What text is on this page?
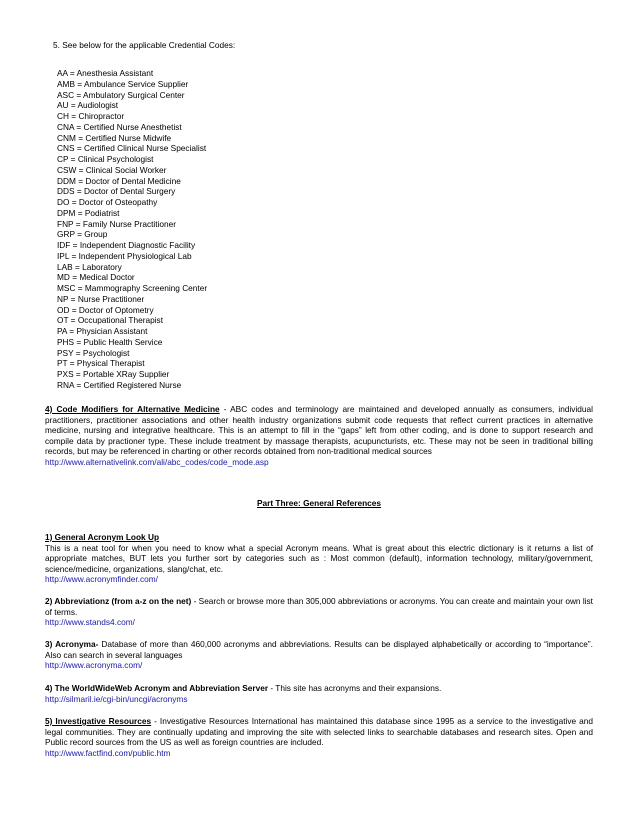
5. See below for the applicable Credential Codes:
AA = Anesthesia Assistant
AMB = Ambulance Service Supplier
ASC = Ambulatory Surgical Center
AU = Audiologist
CH = Chiropractor
CNA = Certified Nurse Anesthetist
CNM = Certified Nurse Midwife
CNS = Certified Clinical Nurse Specialist
CP = Clinical Psychologist
CSW = Clinical Social Worker
DDM = Doctor of Dental Medicine
DDS = Doctor of Dental Surgery
DO = Doctor of Osteopathy
DPM = Podiatrist
FNP = Family Nurse Practitioner
GRP = Group
IDF = Independent Diagnostic Facility
IPL = Independent Physiological Lab
LAB = Laboratory
MD = Medical Doctor
MSC = Mammography Screening Center
NP = Nurse Practitioner
OD = Doctor of Optometry
OT = Occupational Therapist
PA = Physician Assistant
PHS = Public Health Service
PSY = Psychologist
PT = Physical Therapist
PXS = Portable XRay Supplier
RNA = Certified Registered Nurse

4) Code Modifiers for Alternative Medicine - ABC codes and terminology are maintained and developed annually as consumers, individual practitioners, practitioner associations and other health industry organizations submit code requests that reflect current practices in alternative medicine, nursing and integrative healthcare. This is an attempt to fill in the “gaps” left from other coding, and is done to support research and compile data by practioner type. These include treatment by massage therapists, acupuncturists, etc. These may not be seen in traditional billing records, but may be referenced in charting or other records obtained from non-traditional medical sources

http://www.alternativelink.com/ali/abc_codes/code_mode.asp
Part Three: General References

1) General Acronym Look Up
This is a neat tool for when you need to know what a special Acronym means. What is great about this electric dictionary is it returns a list of appropriate matches, BUT lets you further sort by categories such as : Most common (default), information technology, military/government, science/medicine, organizations, slang/chat, etc.

http://www.acronymfinder.com/

2) Abbreviationz (from a-z on the net) - Search or browse more than 305,000 abbreviations or acronyms. You can create and maintain your own list of terms.

http://www.stands4.com/

3) Acronyma- Database of more than 460,000 acronyms and abbreviations. Results can be displayed alphabetically or according to “importance”. Also can search in several languages

http://www.acronyma.com/

4) The WorldWideWeb Acronym and Abbreviation Server - This site has acronyms and their expansions.

http://silmaril.ie/cgi-bin/uncgi/acronyms

5) Investigative Resources - Investigative Resources International has maintained this database since 1995 as a service to the investigative and legal communities. They are continually updating and improving the site with selected links to searchable databases and research sites. Open and Public record sources from the US as well as foreign countries are included.

http://www.factfind.com/public.htm
